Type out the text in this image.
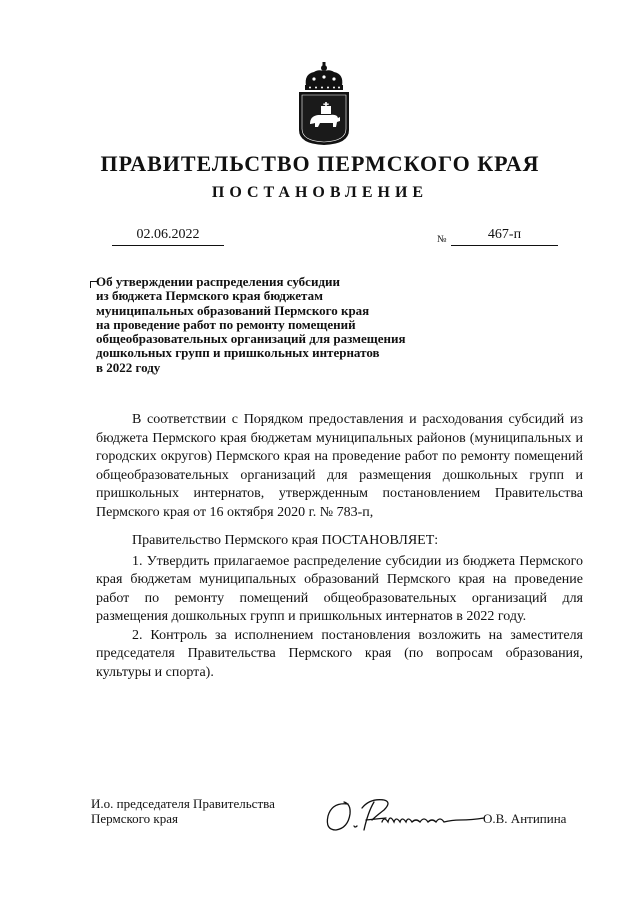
ПРАВИТЕЛЬСТВО ПЕРМСКОГО КРАЯ
ПОСТАНОВЛЕНИЕ
02.06.2022	№	467-п
Об утверждении распределения субсидии
из бюджета Пермского края бюджетам
муниципальных образований Пермского края
на проведение работ по ремонту помещений
общеобразовательных организаций для размещения
дошкольных групп и пришкольных интернатов
в 2022 году

В соответствии с Порядком предоставления и расходования субсидий из бюджета Пермского края бюджетам муниципальных районов (муниципальных и городских округов) Пермского края на проведение работ по ремонту помещений общеобразовательных организаций для размещения дошкольных групп и пришкольных интернатов, утвержденным постановлением Правительства Пермского края от 16 октября 2020 г. № 783-п,

Правительство Пермского края ПОСТАНОВЛЯЕТ:

1. Утвердить прилагаемое распределение субсидии из бюджета Пермского края бюджетам муниципальных образований Пермского края на проведение работ по ремонту помещений общеобразовательных организаций для размещения дошкольных групп и пришкольных интернатов в 2022 году.

2. Контроль за исполнением постановления возложить на заместителя председателя Правительства Пермского края (по вопросам образования, культуры и спорта).

И.о. председателя Правительства
Пермского края	О.В. Антипина
